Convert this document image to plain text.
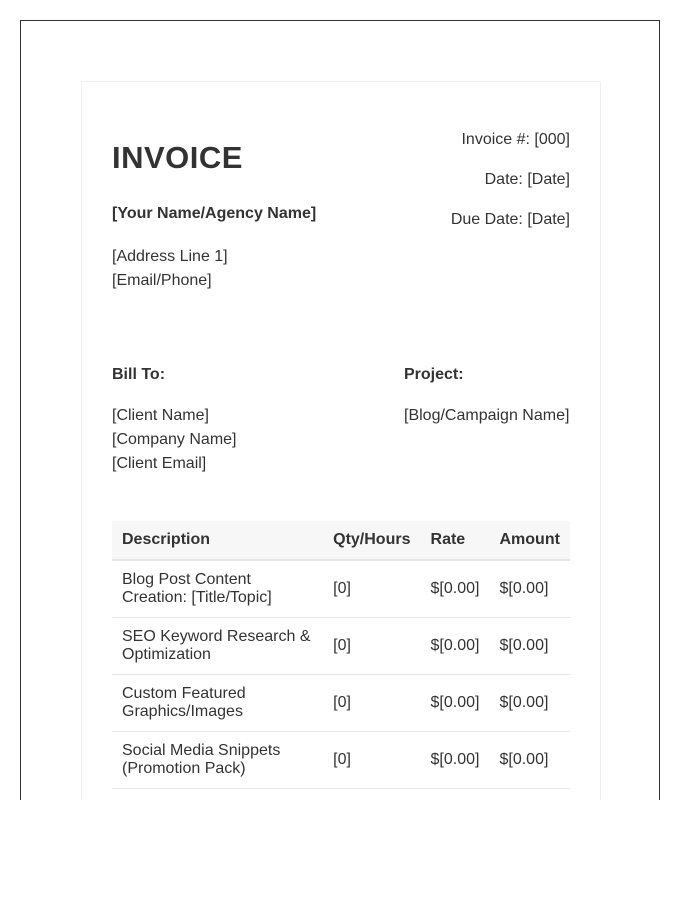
INVOICE
Invoice #: [000]
Date: [Date]
Due Date: [Date]
[Your Name/Agency Name]
[Address Line 1]
[Email/Phone]
Bill To:
[Client Name]
[Company Name]
[Client Email]
Project:
[Blog/Campaign Name]
Description	Qty/Hours	Rate	Amount
Blog Post Content Creation: [Title/Topic]	[0]	$[0.00]	$[0.00]
SEO Keyword Research & Optimization	[0]	$[0.00]	$[0.00]
Custom Featured Graphics/Images	[0]	$[0.00]	$[0.00]
Social Media Snippets (Promotion Pack)	[0]	$[0.00]	$[0.00]
